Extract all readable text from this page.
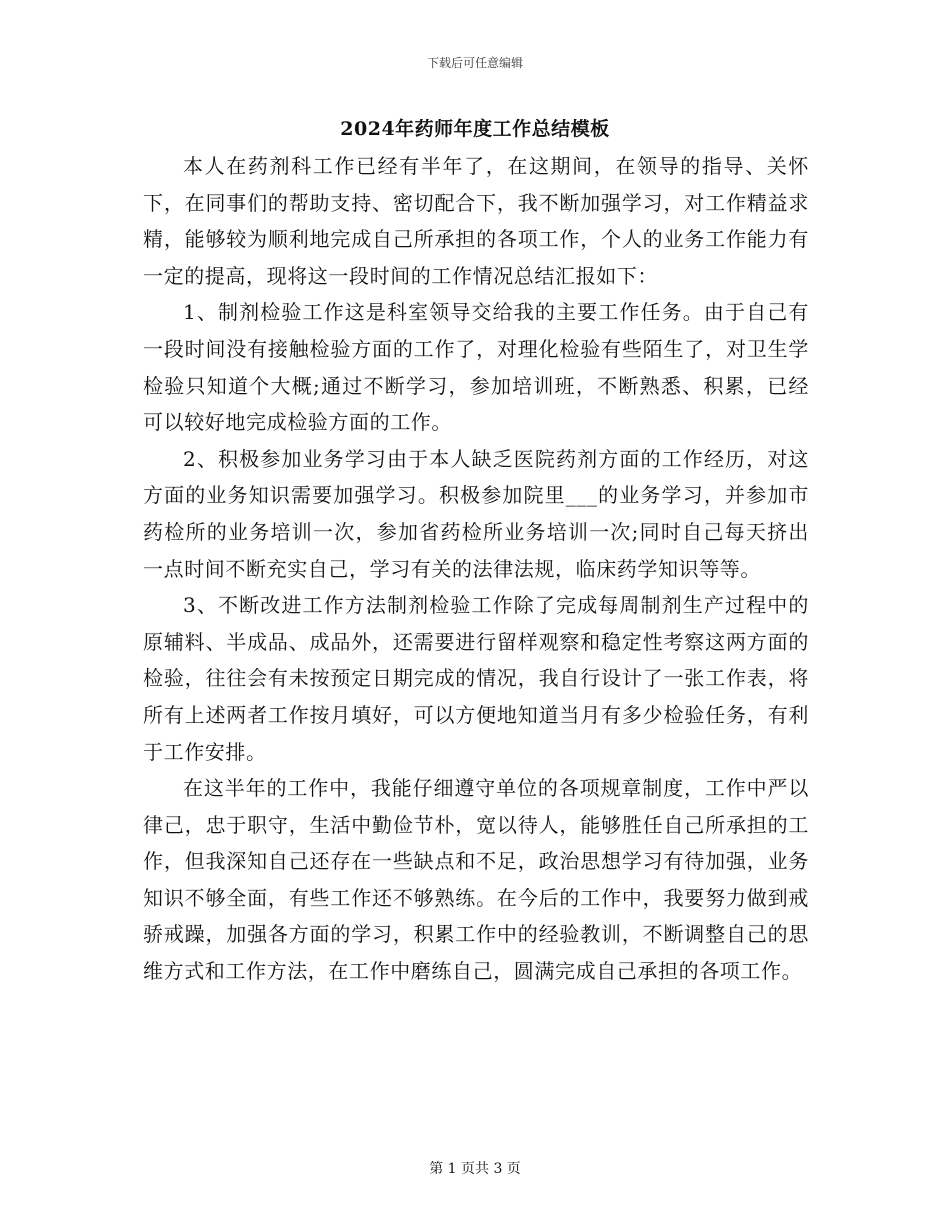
下载后可任意编辑
2024年药师年度工作总结模板

本人在药剂科工作已经有半年了，在这期间，在领导的指导、关怀下，在同事们的帮助支持、密切配合下，我不断加强学习，对工作精益求精，能够较为顺利地完成自己所承担的各项工作，个人的业务工作能力有一定的提高，现将这一段时间的工作情况总结汇报如下：

1、制剂检验工作这是科室领导交给我的主要工作任务。由于自己有一段时间没有接触检验方面的工作了，对理化检验有些陌生了，对卫生学检验只知道个大概;通过不断学习，参加培训班，不断熟悉、积累，已经可以较好地完成检验方面的工作。

2、积极参加业务学习由于本人缺乏医院药剂方面的工作经历，对这方面的业务知识需要加强学习。积极参加院里___的业务学习，并参加市药检所的业务培训一次，参加省药检所业务培训一次;同时自己每天挤出一点时间不断充实自己，学习有关的法律法规，临床药学知识等等。

3、不断改进工作方法制剂检验工作除了完成每周制剂生产过程中的原辅料、半成品、成品外，还需要进行留样观察和稳定性考察这两方面的检验，往往会有未按预定日期完成的情况，我自行设计了一张工作表，将所有上述两者工作按月填好，可以方便地知道当月有多少检验任务，有利于工作安排。

在这半年的工作中，我能仔细遵守单位的各项规章制度，工作中严以律己，忠于职守，生活中勤俭节朴，宽以待人，能够胜任自己所承担的工作，但我深知自己还存在一些缺点和不足，政治思想学习有待加强，业务知识不够全面，有些工作还不够熟练。在今后的工作中，我要努力做到戒骄戒躁，加强各方面的学习，积累工作中的经验教训，不断调整自己的思维方式和工作方法，在工作中磨练自己，圆满完成自己承担的各项工作。

第 1 页共 3 页
